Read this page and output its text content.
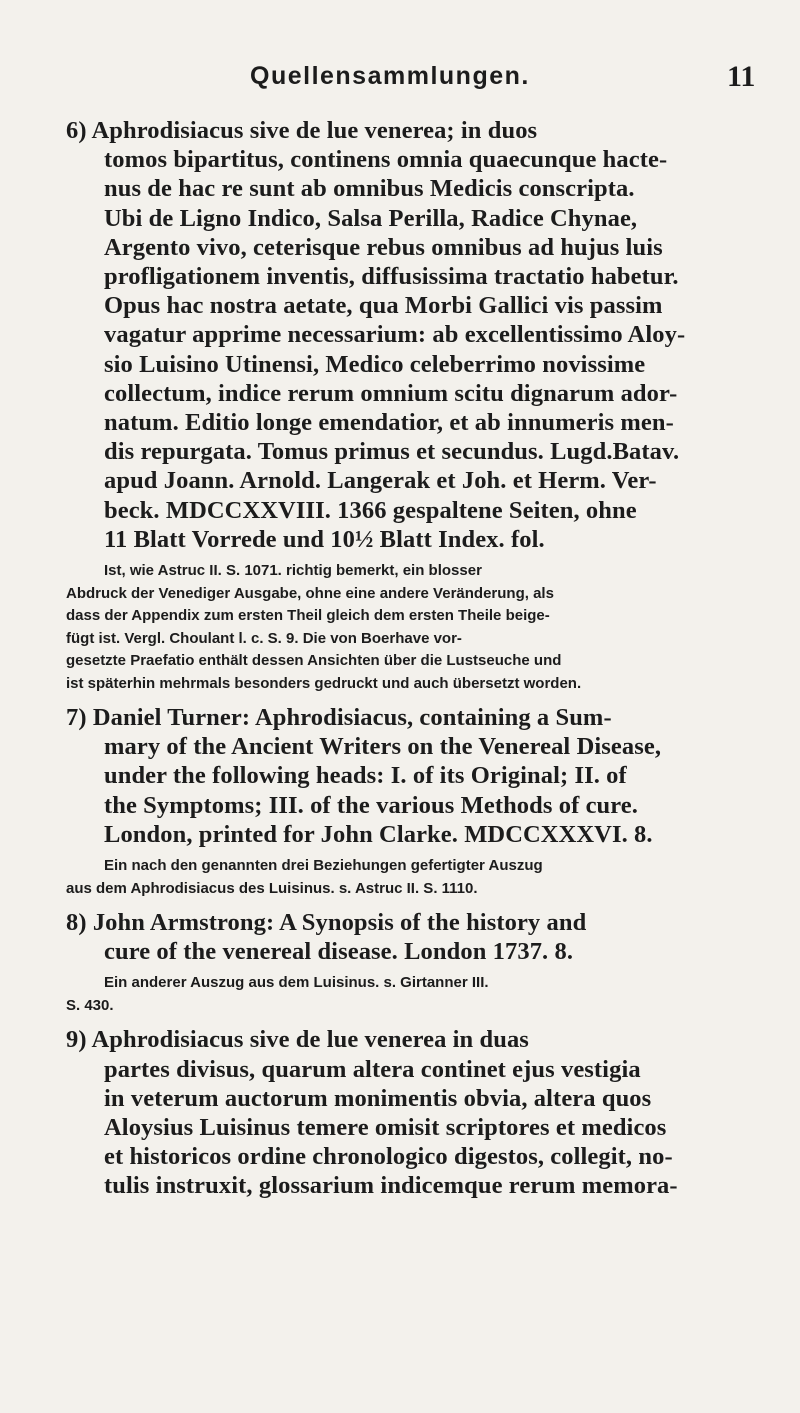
Quellensammlungen.	11

6) Aphrodisiacus sive de lue venerea; in duos

tomos bipartitus, continens omnia quaecunque hacte-

nus de hac re sunt ab omnibus Medicis conscripta.

Ubi de Ligno Indico, Salsa Perilla, Radice Chynae,

Argento vivo, ceterisque rebus omnibus ad hujus luis

profligationem inventis, diffusissima tractatio habetur.

Opus hac nostra aetate, qua Morbi Gallici vis passim

vagatur apprime necessarium: ab excellentissimo Aloy-

sio Luisino Utinensi, Medico celeberrimo novissime

collectum, indice rerum omnium scitu dignarum ador-

natum. Editio longe emendatior, et ab innumeris men-

dis repurgata. Tomus primus et secundus. Lugd.Batav.

apud Joann. Arnold. Langerak et Joh. et Herm. Ver-

beck. MDCCXXVIII. 1366 gespaltene Seiten, ohne

11 Blatt Vorrede und 10½ Blatt Index. fol.

Ist, wie Astruc II. S. 1071. richtig bemerkt, ein blosser

Abdruck der Venediger Ausgabe, ohne eine andere Veränderung, als

dass der Appendix zum ersten Theil gleich dem ersten Theile beige-

fügt ist. Vergl. Choulant l. c. S. 9. Die von Boerhave vor-

gesetzte Praefatio enthält dessen Ansichten über die Lustseuche und

ist späterhin mehrmals besonders gedruckt und auch übersetzt worden.

7) Daniel Turner: Aphrodisiacus, containing a Sum-

mary of the Ancient Writers on the Venereal Disease,

under the following heads: I. of its Original; II. of

the Symptoms; III. of the various Methods of cure.

London, printed for John Clarke. MDCCXXXVI. 8.

Ein nach den genannten drei Beziehungen gefertigter Auszug

aus dem Aphrodisiacus des Luisinus. s. Astruc II. S. 1110.

8) John Armstrong: A Synopsis of the history and

cure of the venereal disease. London 1737. 8.

Ein anderer Auszug aus dem Luisinus. s. Girtanner III.

S. 430.

9) Aphrodisiacus sive de lue venerea in duas

partes divisus, quarum altera continet ejus vestigia

in veterum auctorum monimentis obvia, altera quos

Aloysius Luisinus temere omisit scriptores et medicos

et historicos ordine chronologico digestos, collegit, no-

tulis instruxit, glossarium indicemque rerum memora-
